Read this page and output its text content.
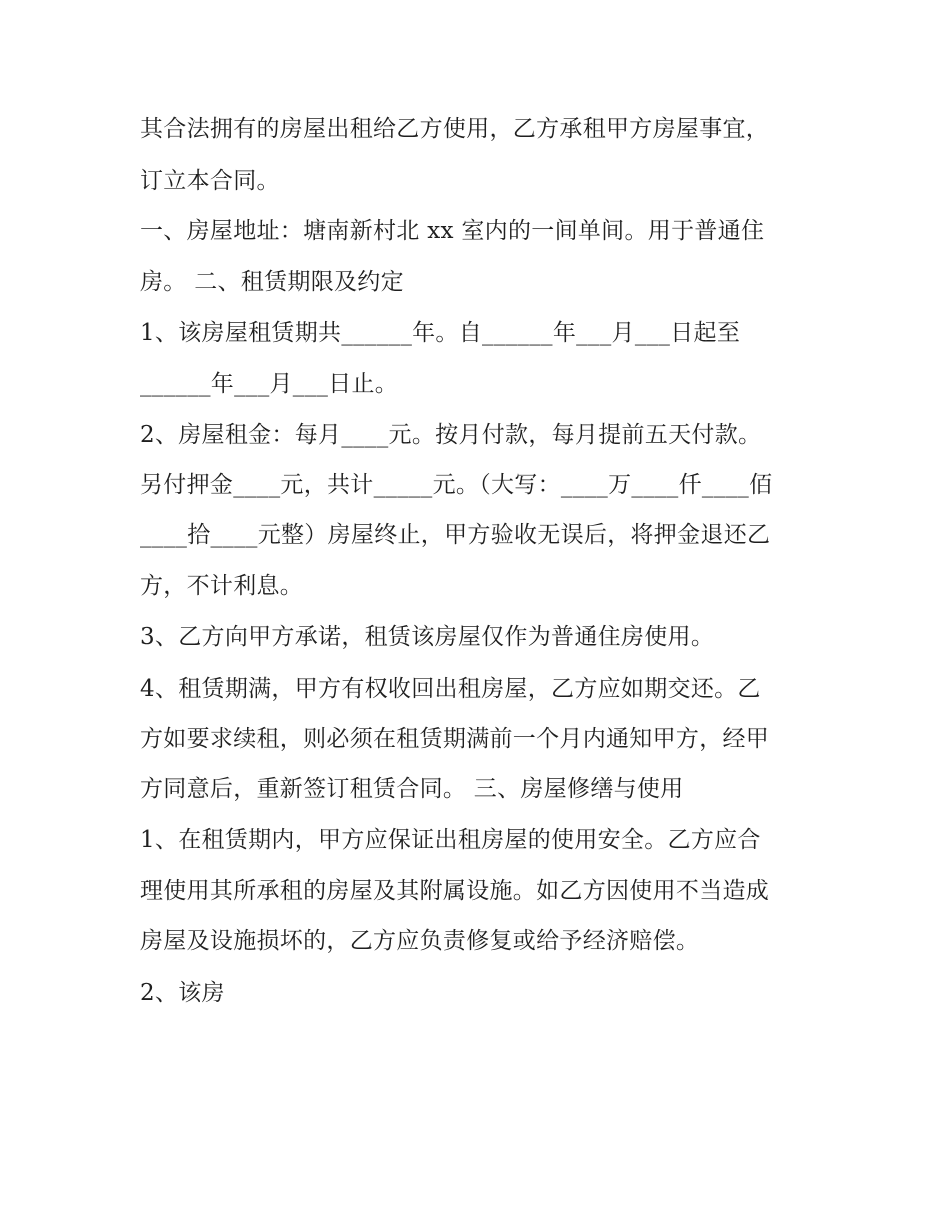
其合法拥有的房屋出租给乙方使用，乙方承租甲方房屋事宜，
订立本合同。
一、房屋地址：塘南新村北 xx 室内的一间单间。用于普通住
房。 二、租赁期限及约定
1、该房屋租赁期共______年。自______年___月___日起至
______年___月___日止。
2、房屋租金：每月____元。按月付款，每月提前五天付款。
另付押金____元，共计_____元。（大写：____万____仟____佰
____拾____元整）房屋终止，甲方验收无误后，将押金退还乙
方，不计利息。
3、乙方向甲方承诺，租赁该房屋仅作为普通住房使用。
4、租赁期满，甲方有权收回出租房屋，乙方应如期交还。乙
方如要求续租，则必须在租赁期满前一个月内通知甲方，经甲
方同意后，重新签订租赁合同。 三、房屋修缮与使用
1、在租赁期内，甲方应保证出租房屋的使用安全。乙方应合
理使用其所承租的房屋及其附属设施。如乙方因使用不当造成
房屋及设施损坏的，乙方应负责修复或给予经济赔偿。
2、该房
